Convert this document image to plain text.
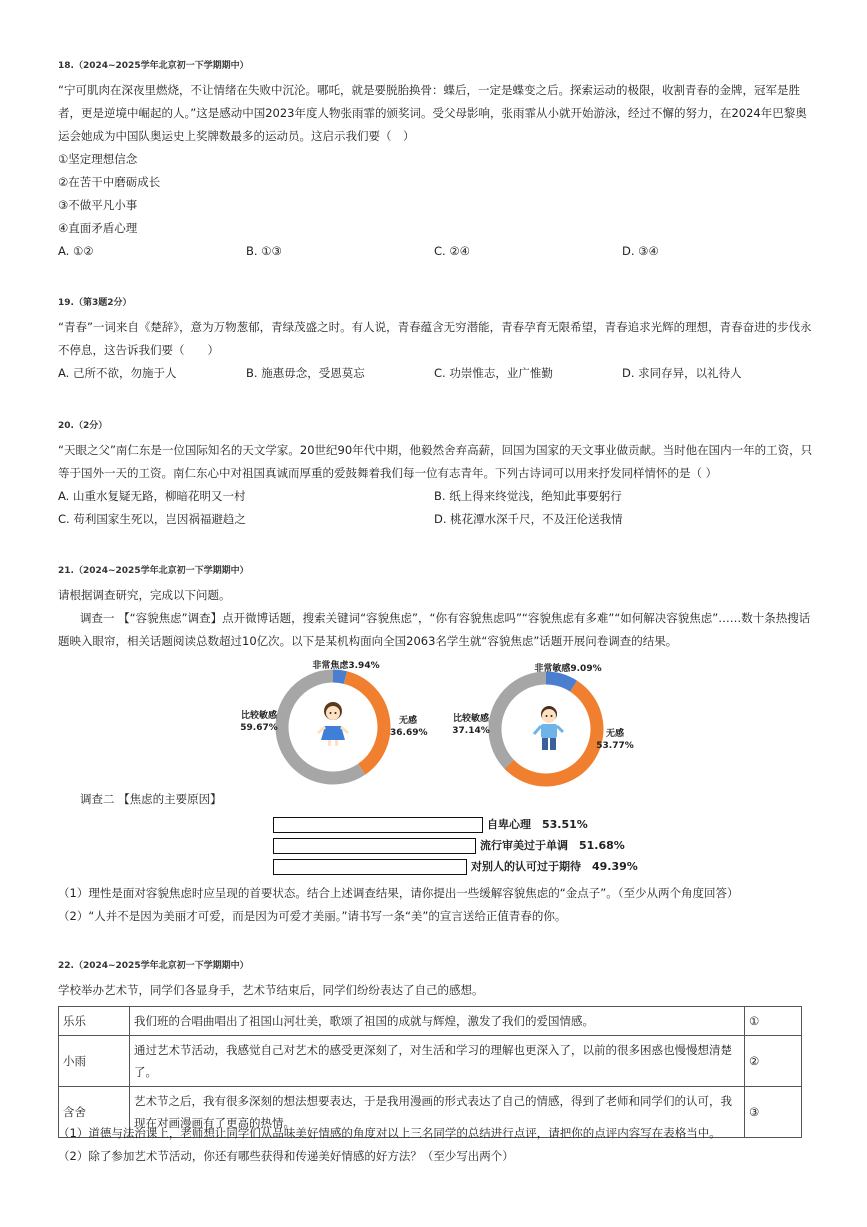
18.（2024~2025学年北京初一下学期期中）
“宁可肌肉在深夜里燃烧，不让情绪在失败中沉沦。哪吒，就是要脱胎换骨：蝶后，一定是蝶变之后。探索运动的极限，收割青春的金牌，冠军是胜者，更是逆境中崛起的人。”这是感动中国2023年度人物张雨霏的颁奖词。受父母影响，张雨霏从小就开始游泳，经过不懈的努力，在2024年巴黎奥运会她成为中国队奥运史上奖牌数最多的运动员。这启示我们要（　）
①坚定理想信念
②在苦干中磨砺成长
③不做平凡小事
④直面矛盾心理
A. ①②	B. ①③	C. ②④	D. ③④
19.（第3题2分）
“青春”一词来自《楚辞》，意为万物葱郁，青绿茂盛之时。有人说，青春蕴含无穷潜能，青春孕育无限希望，青春追求光辉的理想，青春奋进的步伐永不停息，这告诉我们要（　　）
A. 己所不欲，勿施于人	B. 施惠毋念，受恩莫忘	C. 功崇惟志，业广惟勤	D. 求同存异，以礼待人
20.（2分）
“天眼之父”南仁东是一位国际知名的天文学家。20世纪90年代中期，他毅然舍弃高薪，回国为国家的天文事业做贡献。当时他在国内一年的工资，只等于国外一天的工资。南仁东心中对祖国真诚而厚重的爱鼓舞着我们每一位有志青年。下列古诗词可以用来抒发同样情怀的是（ ）
A. 山重水复疑无路，柳暗花明又一村	B. 纸上得来终觉浅，绝知此事要躬行
C. 苟利国家生死以，岂因祸福避趋之	D. 桃花潭水深千尺，不及汪伦送我情
21.（2024~2025学年北京初一下学期期中）
请根据调查研究，完成以下问题。
调查一 【“容貌焦虑”调查】点开微博话题，搜索关键词“容貌焦虑”，“你有容貌焦虑吗”“容貌焦虑有多难”“如何解决容貌焦虑”……数十条热搜话题映入眼帘，相关话题阅读总数超过10亿次。以下是某机构面向全国2063名学生就“容貌焦虑”话题开展问卷调查的结果。
非常焦虑3.94%
无感 36.69%
比较敏感 59.67%
非常敏感9.09%
无感 53.77%
比较敏感 37.14%
调查二 【焦虑的主要原因】
自卑心理　53.51%
流行审美过于单调　51.68%
对别人的认可过于期待　49.39%
（1）理性是面对容貌焦虑时应呈现的首要状态。结合上述调查结果，请你提出一些缓解容貌焦虑的“金点子”。（至少从两个角度回答）
（2）“人并不是因为美丽才可爱，而是因为可爱才美丽。”请书写一条“美”的宣言送给正值青春的你。
22.（2024~2025学年北京初一下学期期中）
学校举办艺术节，同学们各显身手，艺术节结束后，同学们纷纷表达了自己的感想。
乐乐	我们班的合唱曲唱出了祖国山河壮美，歌颂了祖国的成就与辉煌，激发了我们的爱国情感。	①
小雨	通过艺术节活动，我感觉自己对艺术的感受更深刻了，对生活和学习的理解也更深入了，以前的很多困惑也慢慢想清楚了。	②
含舍	艺术节之后，我有很多深刻的想法想要表达，于是我用漫画的形式表达了自己的情感，得到了老师和同学们的认可，我现在对画漫画有了更高的热情。	③
（1）道德与法治课上，老师想让同学们从品味美好情感的角度对以上三名同学的总结进行点评，请把你的点评内容写在表格当中。
（2）除了参加艺术节活动，你还有哪些获得和传递美好情感的好方法？（至少写出两个）
